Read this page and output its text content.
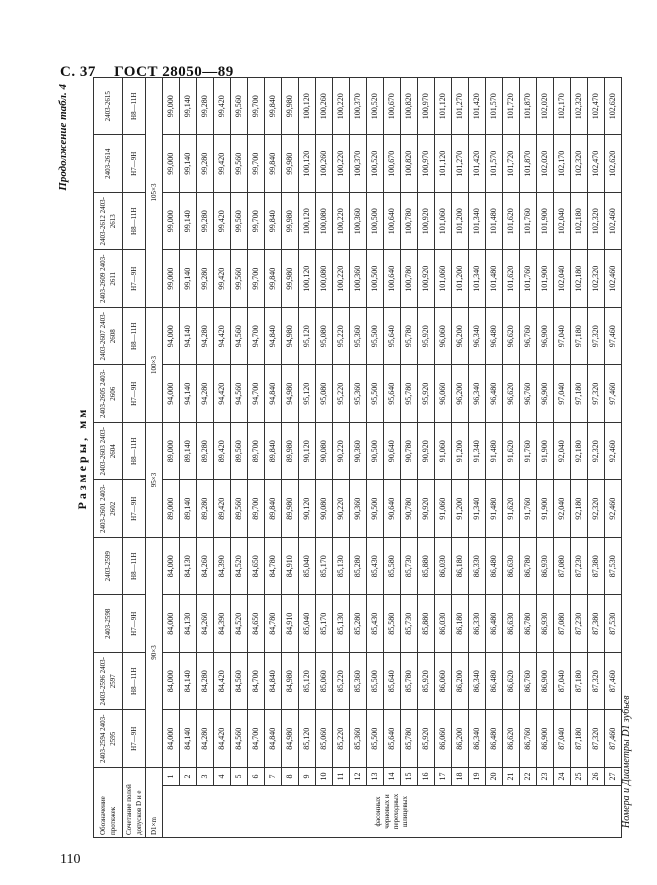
С. 37 ГОСТ 28050—89
Продолжение табл. 4
Размеры, мм
Обозначение протяжек		2403-2594 2403-2595	2403-2596 2403-2597	2403-2598	2403-2599	2403-2601 2403-2602	2403-2603 2403-2604	2403-2605 2403-2606	2403-2607 2403-2608	2403-2609 2403-2611	2403-2612 2403-2613	2403-2614	2403-2615
Сочетание полей допусков D и е		H7—9H	H8—11H	H7—9H	H8—11H	H7—9H	H8—11H	H7—9H	H8—11H	H7—9H	H8—11H	H7—9H	H8—11H
D1×m		90×3				95×3		100×3		105×3			

фасонных черновых и переходных шлицевых	1	84,000	84,000	84,000	84,000	89,000	89,000	94,000	94,000	99,000	99,000	99,000	99,000
	2	84,140	84,140	84,130	84,130	89,140	89,140	94,140	94,140	99,140	99,140	99,140	99,140
	3	84,280	84,280	84,260	84,260	89,280	89,280	94,280	94,280	99,280	99,280	99,280	99,280
	4	84,420	84,420	84,390	84,390	89,420	89,420	94,420	94,420	99,420	99,420	99,420	99,420
	5	84,560	84,560	84,520	84,520	89,560	89,560	94,560	94,560	99,560	99,560	99,560	99,560
	6	84,700	84,700	84,650	84,650	89,700	89,700	94,700	94,700	99,700	99,700	99,700	99,700
	7	84,840	84,840	84,780	84,780	89,840	89,840	94,840	94,840	99,840	99,840	99,840	99,840
	8	84,980	84,980	84,910	84,910	89,980	89,980	94,980	94,980	99,980	99,980	99,980	99,980
	9	85,120	85,120	85,040	85,040	90,120	90,120	95,120	95,120	100,120	100,120	100,120	100,120
	10	85,060	85,060	85,170	85,170	90,080	90,080	95,080	95,080	100,080	100,080	100,260	100,260
	11	85,220	85,220	85,130	85,130	90,220	90,220	95,220	95,220	100,220	100,220	100,220	100,220
	12	85,360	85,360	85,280	85,280	90,360	90,360	95,360	95,360	100,360	100,360	100,370	100,370
	13	85,500	85,500	85,430	85,430	90,500	90,500	95,500	95,500	100,500	100,500	100,520	100,520
	14	85,640	85,640	85,580	85,580	90,640	90,640	95,640	95,640	100,640	100,640	100,670	100,670
	15	85,780	85,780	85,730	85,730	90,780	90,780	95,780	95,780	100,780	100,780	100,820	100,820
	16	85,920	85,920	85,880	85,880	90,920	90,920	95,920	95,920	100,920	100,920	100,970	100,970
	17	86,060	86,060	86,030	86,030	91,060	91,060	96,060	96,060	101,060	101,060	101,120	101,120
	18	86,200	86,200	86,180	86,180	91,200	91,200	96,200	96,200	101,200	101,200	101,270	101,270
	19	86,340	86,340	86,330	86,330	91,340	91,340	96,340	96,340	101,340	101,340	101,420	101,420
	20	86,480	86,480	86,480	86,480	91,480	91,480	96,480	96,480	101,480	101,480	101,570	101,570
	21	86,620	86,620	86,630	86,630	91,620	91,620	96,620	96,620	101,620	101,620	101,720	101,720
	22	86,760	86,760	86,780	86,780	91,760	91,760	96,760	96,760	101,760	101,760	101,870	101,870
	23	86,900	86,900	86,930	86,930	91,900	91,900	96,900	96,900	101,900	101,900	102,020	102,020
	24	87,040	87,040	87,080	87,080	92,040	92,040	97,040	97,040	102,040	102,040	102,170	102,170
	25	87,180	87,180	87,230	87,230	92,180	92,180	97,180	97,180	102,180	102,180	102,320	102,320
	26	87,320	87,320	87,380	87,380	92,320	92,320	97,320	97,320	102,320	102,320	102,470	102,470
	27	87,460	87,460	87,530	87,530	92,460	92,460	97,460	97,460	102,460	102,460	102,620	102,620
Номера и Диаметры D1 зубьев
110
